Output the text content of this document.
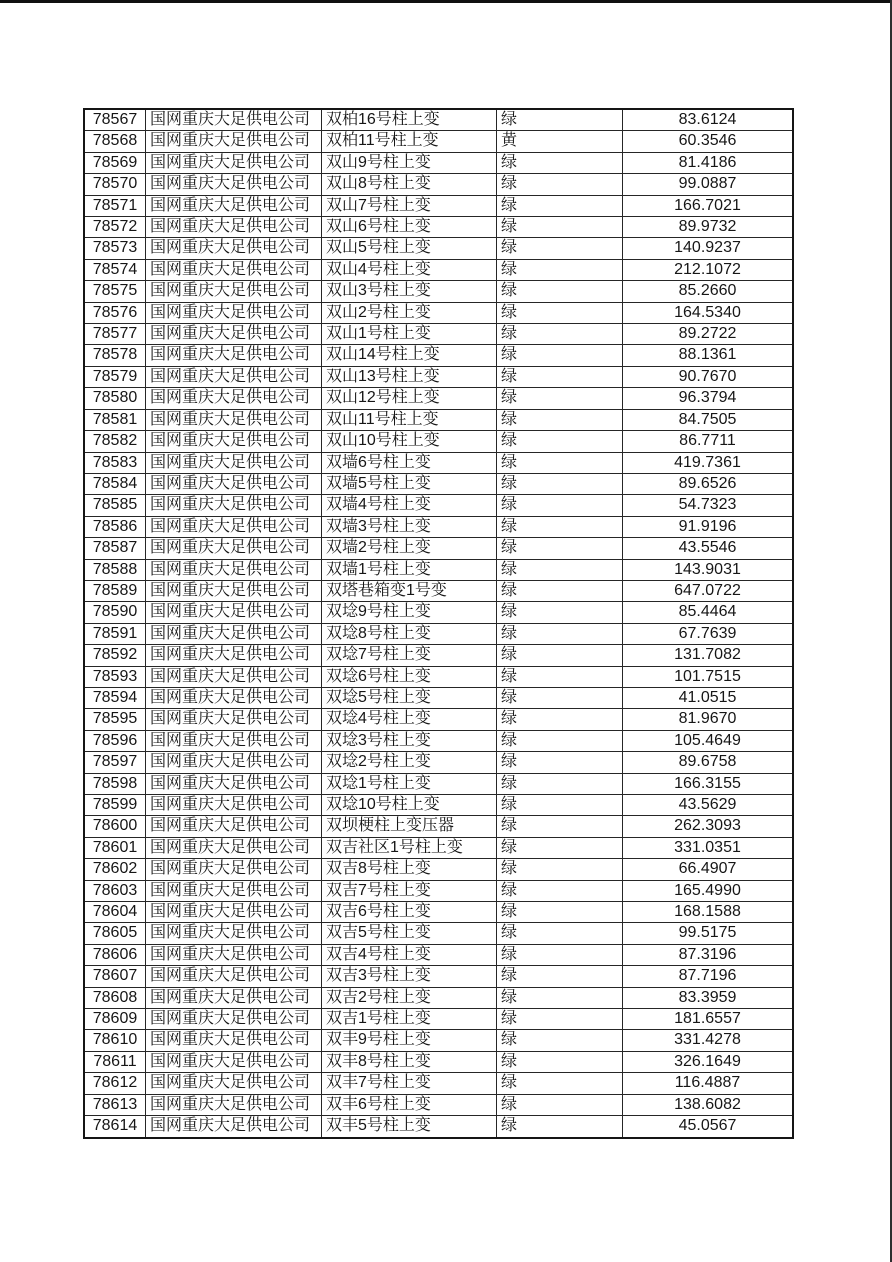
78567	国网重庆大足供电公司	双柏16号柱上变	绿	83.6124
78568	国网重庆大足供电公司	双柏11号柱上变	黄	60.3546
78569	国网重庆大足供电公司	双山9号柱上变	绿	81.4186
78570	国网重庆大足供电公司	双山8号柱上变	绿	99.0887
78571	国网重庆大足供电公司	双山7号柱上变	绿	166.7021
78572	国网重庆大足供电公司	双山6号柱上变	绿	89.9732
78573	国网重庆大足供电公司	双山5号柱上变	绿	140.9237
78574	国网重庆大足供电公司	双山4号柱上变	绿	212.1072
78575	国网重庆大足供电公司	双山3号柱上变	绿	85.2660
78576	国网重庆大足供电公司	双山2号柱上变	绿	164.5340
78577	国网重庆大足供电公司	双山1号柱上变	绿	89.2722
78578	国网重庆大足供电公司	双山14号柱上变	绿	88.1361
78579	国网重庆大足供电公司	双山13号柱上变	绿	90.7670
78580	国网重庆大足供电公司	双山12号柱上变	绿	96.3794
78581	国网重庆大足供电公司	双山11号柱上变	绿	84.7505
78582	国网重庆大足供电公司	双山10号柱上变	绿	86.7711
78583	国网重庆大足供电公司	双墙6号柱上变	绿	419.7361
78584	国网重庆大足供电公司	双墙5号柱上变	绿	89.6526
78585	国网重庆大足供电公司	双墙4号柱上变	绿	54.7323
78586	国网重庆大足供电公司	双墙3号柱上变	绿	91.9196
78587	国网重庆大足供电公司	双墙2号柱上变	绿	43.5546
78588	国网重庆大足供电公司	双墙1号柱上变	绿	143.9031
78589	国网重庆大足供电公司	双塔巷箱变1号变	绿	647.0722
78590	国网重庆大足供电公司	双埝9号柱上变	绿	85.4464
78591	国网重庆大足供电公司	双埝8号柱上变	绿	67.7639
78592	国网重庆大足供电公司	双埝7号柱上变	绿	131.7082
78593	国网重庆大足供电公司	双埝6号柱上变	绿	101.7515
78594	国网重庆大足供电公司	双埝5号柱上变	绿	41.0515
78595	国网重庆大足供电公司	双埝4号柱上变	绿	81.9670
78596	国网重庆大足供电公司	双埝3号柱上变	绿	105.4649
78597	国网重庆大足供电公司	双埝2号柱上变	绿	89.6758
78598	国网重庆大足供电公司	双埝1号柱上变	绿	166.3155
78599	国网重庆大足供电公司	双埝10号柱上变	绿	43.5629
78600	国网重庆大足供电公司	双坝梗柱上变压器	绿	262.3093
78601	国网重庆大足供电公司	双吉社区1号柱上变	绿	331.0351
78602	国网重庆大足供电公司	双吉8号柱上变	绿	66.4907
78603	国网重庆大足供电公司	双吉7号柱上变	绿	165.4990
78604	国网重庆大足供电公司	双吉6号柱上变	绿	168.1588
78605	国网重庆大足供电公司	双吉5号柱上变	绿	99.5175
78606	国网重庆大足供电公司	双吉4号柱上变	绿	87.3196
78607	国网重庆大足供电公司	双吉3号柱上变	绿	87.7196
78608	国网重庆大足供电公司	双吉2号柱上变	绿	83.3959
78609	国网重庆大足供电公司	双吉1号柱上变	绿	181.6557
78610	国网重庆大足供电公司	双丰9号柱上变	绿	331.4278
78611	国网重庆大足供电公司	双丰8号柱上变	绿	326.1649
78612	国网重庆大足供电公司	双丰7号柱上变	绿	116.4887
78613	国网重庆大足供电公司	双丰6号柱上变	绿	138.6082
78614	国网重庆大足供电公司	双丰5号柱上变	绿	45.0567
